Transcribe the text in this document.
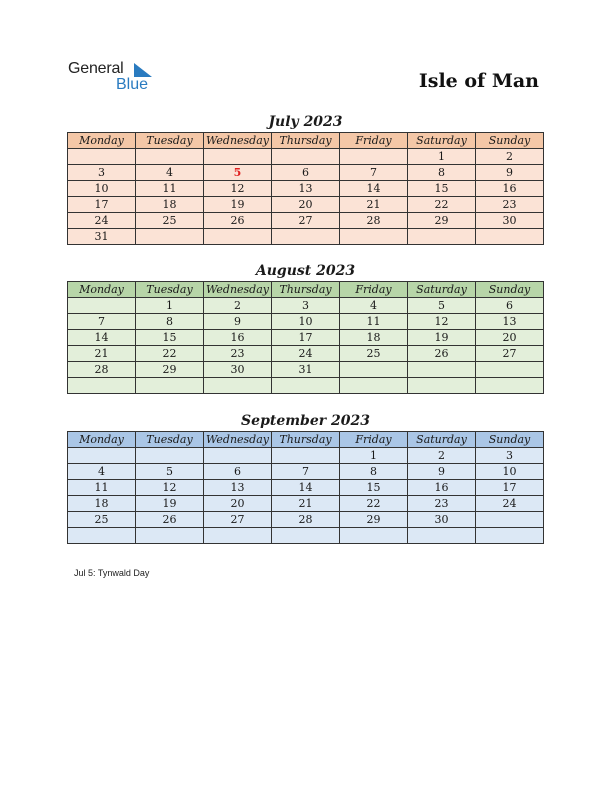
General
Blue	Isle of Man
July 2023
Monday	Tuesday	Wednesday	Thursday	Friday	Saturday	Sunday
					1	2
3	4	5	6	7	8	9
10	11	12	13	14	15	16
17	18	19	20	21	22	23
24	25	26	27	28	29	30
31						
August 2023
Monday	Tuesday	Wednesday	Thursday	Friday	Saturday	Sunday
	1	2	3	4	5	6
7	8	9	10	11	12	13
14	15	16	17	18	19	20
21	22	23	24	25	26	27
28	29	30	31			

September 2023
Monday	Tuesday	Wednesday	Thursday	Friday	Saturday	Sunday
				1	2	3
4	5	6	7	8	9	10
11	12	13	14	15	16	17
18	19	20	21	22	23	24
25	26	27	28	29	30	

Jul 5: Tynwald Day
